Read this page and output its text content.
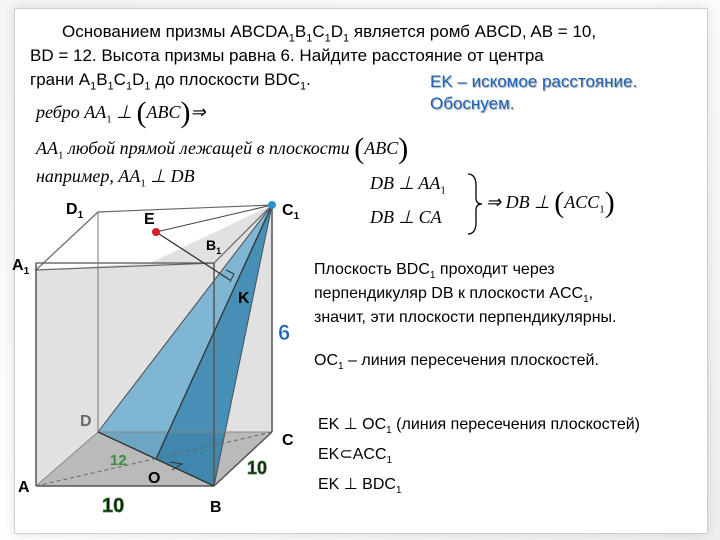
Основанием призмы $ABCDA_1B_1C_1D_1$ является ромб ABCD, AB = 10,
BD = 12. Высота призмы равна 6. Найдите расстояние от центра
грани $A_1B_1C_1D_1$ до плоскости $BDC_1$.	EK – искомое расстояние.
Обоснуем.
ребро $AA_1$ ⊥ (ABC)⇒
$AA_1$ любой прямой лежащей в плоскости (ABC)
например, $AA_1$ ⊥ DB	DB ⊥ $AA_1$
DB ⊥ CA
⇒ DB ⊥ $(ACC_1)$
Плоскость $BDC_1$ проходит через
перпендикуляр DB к плоскости $ACC_1$,
значит, эти плоскости перпендикулярны.
$OC_1$ – линия пересечения плоскостей.
EK ⊥ $OC_1$ (линия пересечения плоскостей)
$EK\subset ACC_1$
EK ⊥ $BDC_1$
$D_1$	E
$C_1$
$B_1$
$A_1$
K
D
C
O
A
B
6
12	10
10
